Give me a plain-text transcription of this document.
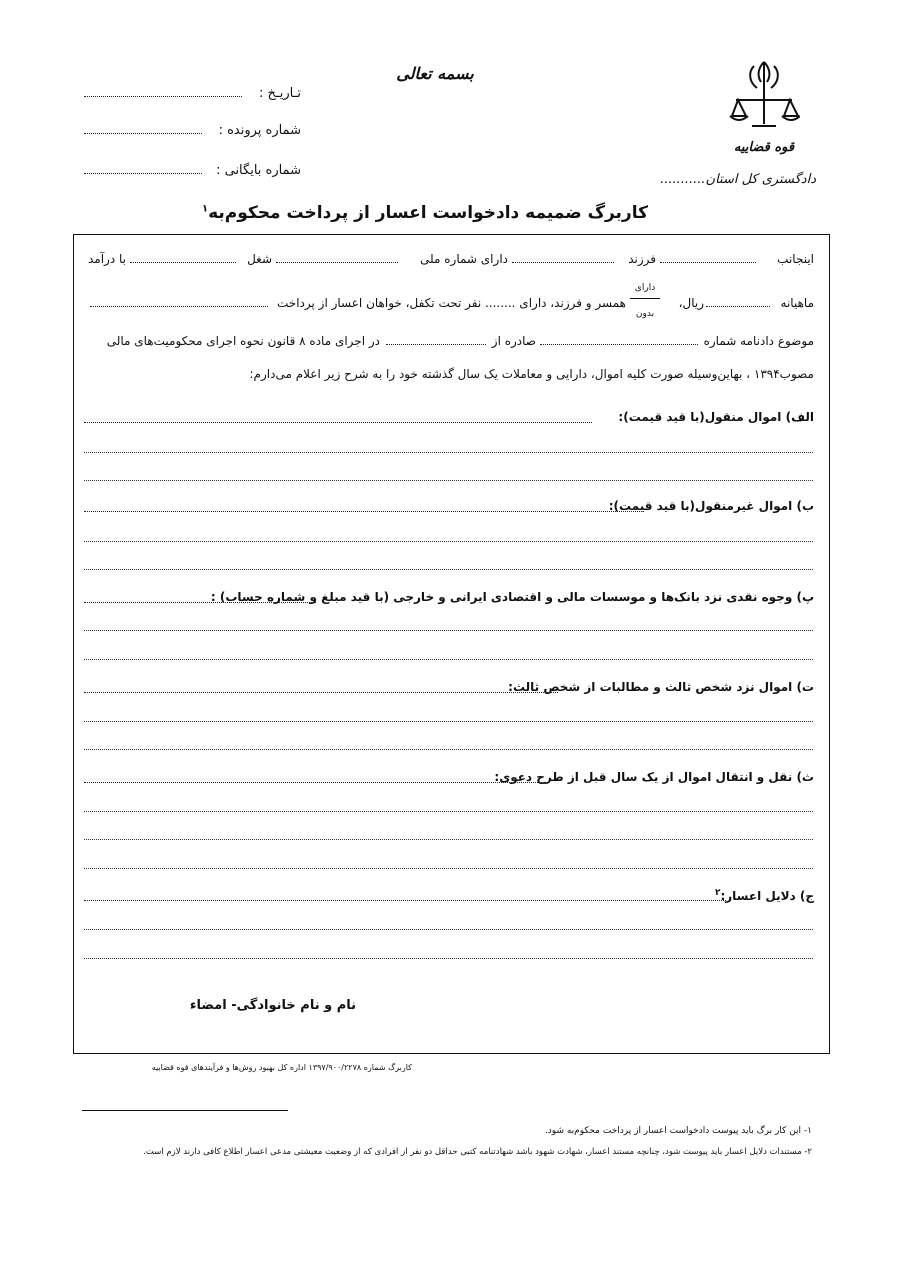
بسمه تعالی
تـاریـخ :
شماره پرونده :
شماره بایگانی :
قوه قضاییه
دادگستری کل استان...........
کاربرگ ضمیمه دادخواست اعسار از پرداخت محکوم‌به$^۱$
اینجانب
فرزند
دارای شماره ملی
شغل
با درآمد
ماهیانه
ریال،
دارای
بدون
همسر و فرزند، دارای ........ نفر تحت تکفل، خواهان اعسار از پرداخت
موضوع دادنامه شماره
صادره از
در اجرای ماده ۸ قانون نحوه اجرای محکومیت‌های مالی
مصوب۱۳۹۴ ، بهاین‌وسیله صورت کلیه اموال، دارایی و معاملات یک سال گذشته خود را به شرح زیر اعلام می‌دارم:
الف) اموال منقول(با قید قیمت):
ب) اموال غیرمنقول(با قید قیمت):
پ) وجوه نقدی نزد بانک‌ها و موسسات مالی و اقتصادی ایرانی و خارجی (با قید مبلغ و شماره حساب) :
ت) اموال نزد شخص ثالث و مطالبات از شخص ثالث:
ث) نقل و انتقال اموال از یک سال قبل از طرح دعوی:
ج) دلایل اعسار:$^۲$
نام و نام خانوادگی- امضاء
کاربرگ شماره ۱۳۹۷/۹۰۰/۲۲۷۸ اداره کل بهبود روش‌ها و فرآیندهای قوه قضاییه
۱- این کار برگ باید پیوست دادخواست اعسار از پرداخت محکوم‌به شود.
۲- مستندات دلایل اعسار باید پیوست شود، چنانچه مستند اعسار، شهادت شهود باشد شهادتنامه کتبی حداقل دو نفر از افرادی که از وضعیت معیشتی مدعی اعسار اطلاع کافی دارند لازم است.
